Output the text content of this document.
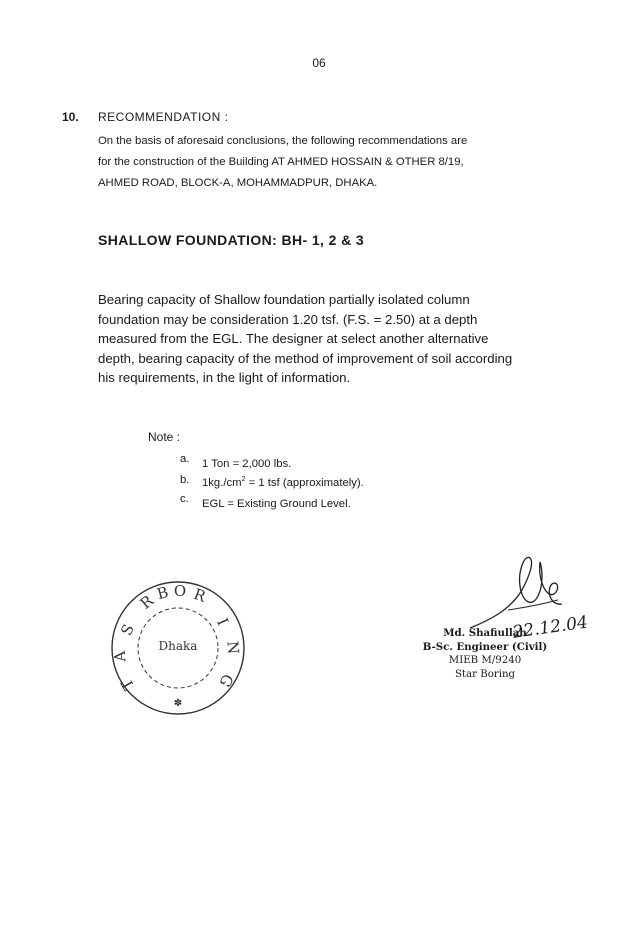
06
10. RECOMMENDATION :
On the basis of aforesaid conclusions, the following recommendations are
for the construction of the Building AT AHMED HOSSAIN & OTHER 8/19,
AHMED ROAD, BLOCK-A, MOHAMMADPUR, DHAKA.
SHALLOW FOUNDATION: BH- 1, 2 & 3
Bearing capacity of Shallow foundation partially isolated column
foundation may be consideration 1.20 tsf. (F.S. = 2.50) at a depth
measured from the EGL. The designer at select another alternative
depth, bearing capacity of the method of improvement of soil according
his requirements, in the light of information.
Note :
a.	1 Ton = 2,000 lbs.
b.	$1kg./cm^2 = 1$ tsf (approximately).
c.	EGL = Existing Ground Level.
R
B O R
I
N
G
T
A
S
Dhaka
✽
22.12.04
Md. Shafiullah
B-Sc. Engineer (Civil)
MIEB M/9240
Star Boring
